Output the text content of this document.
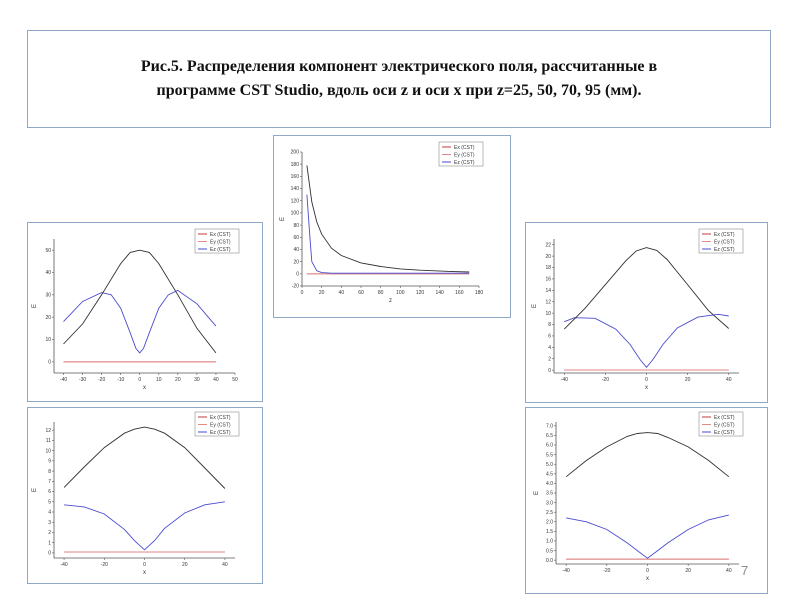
Рис.5. Распределения компонент электрического поля, рассчитанные в
программе CST Studio, вдоль оси z и оси x при z=25, 50, 70, 95 (мм).
0	20	40	60	80	100 120 140 160 180
-20
0
20
40
60
80
100
120
140
160
180
200
z
E
Ex (CST)
Ey (CST)
Ez (CST)
-40 -30 -20 -10	0	10	20	30	40	50
0
10
20
30
40
50
x
E
Ex (CST)
Ey (CST)
Ez (CST)
-40	-20	0	20	40
0
1
2
3
4
5
6
7
8
9
10
11
12
x
E
Ex (CST)
Ey (CST)
Ez (CST)
-40	-20	0	20	40
0
2
4
6
8
10
12
14
16
18
20
22
x
E
Ex (CST)
Ey (CST)
Ez (CST)
-40	-20	0	20	40
0.0
0.5
1.0
1.5
2.0
2.5
3.0
3.5
4.0
4.5
5.0
5.5
6.0
6.5
7.0
x
E
Ex (CST)
Ey (CST)
Ez (CST)
7
